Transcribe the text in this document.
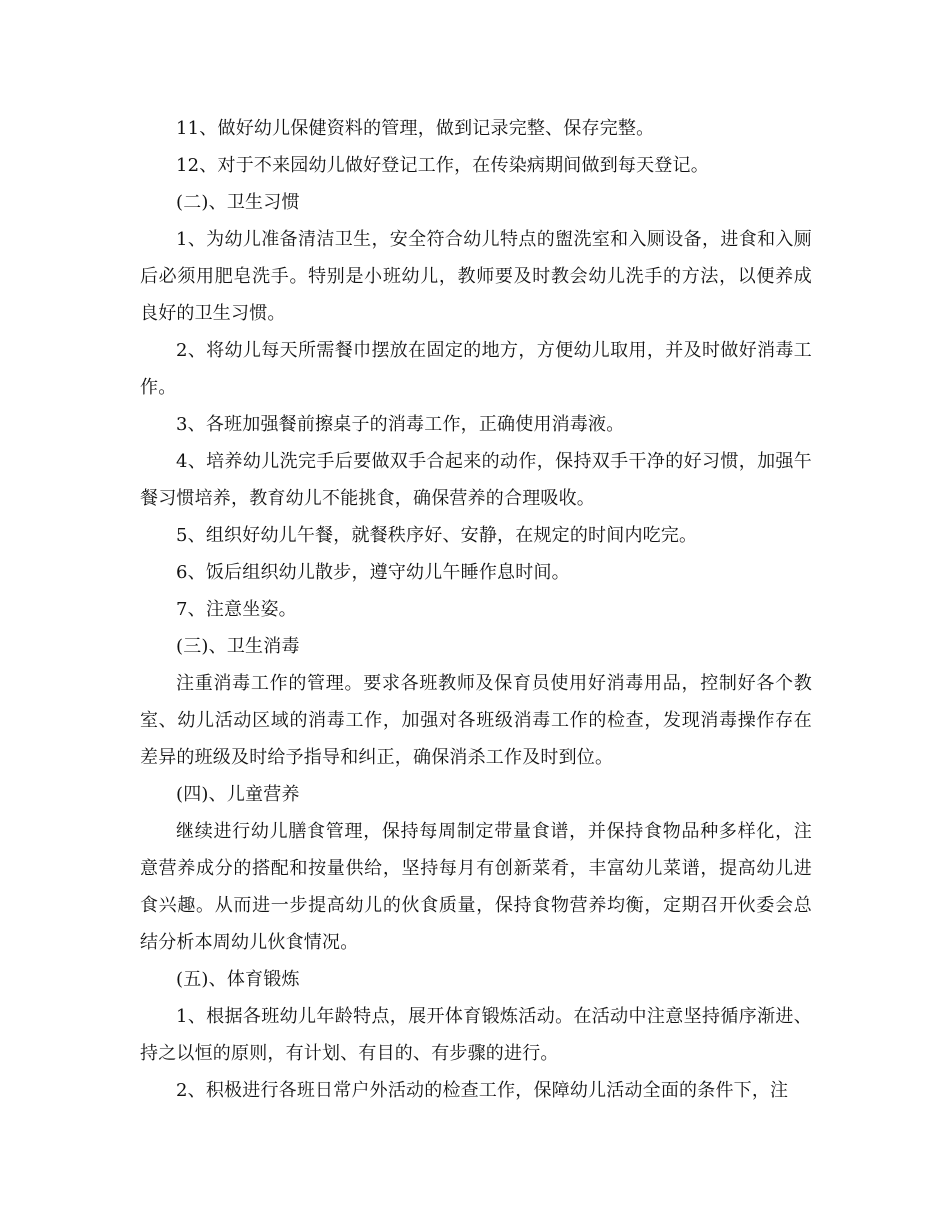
11、做好幼儿保健资料的管理，做到记录完整、保存完整。

12、对于不来园幼儿做好登记工作，在传染病期间做到每天登记。

(二)、卫生习惯

1、为幼儿准备清洁卫生，安全符合幼儿特点的盥洗室和入厕设备，进食和入厕后必须用肥皂洗手。特别是小班幼儿，教师要及时教会幼儿洗手的方法，以便养成良好的卫生习惯。

2、将幼儿每天所需餐巾摆放在固定的地方，方便幼儿取用，并及时做好消毒工作。

3、各班加强餐前擦桌子的消毒工作，正确使用消毒液。

4、培养幼儿洗完手后要做双手合起来的动作，保持双手干净的好习惯，加强午餐习惯培养，教育幼儿不能挑食，确保营养的合理吸收。

5、组织好幼儿午餐，就餐秩序好、安静，在规定的时间内吃完。

6、饭后组织幼儿散步，遵守幼儿午睡作息时间。

7、注意坐姿。

(三)、卫生消毒

注重消毒工作的管理。要求各班教师及保育员使用好消毒用品，控制好各个教室、幼儿活动区域的消毒工作，加强对各班级消毒工作的检查，发现消毒操作存在差异的班级及时给予指导和纠正，确保消杀工作及时到位。

(四)、儿童营养

继续进行幼儿膳食管理，保持每周制定带量食谱，并保持食物品种多样化，注意营养成分的搭配和按量供给，坚持每月有创新菜肴，丰富幼儿菜谱，提高幼儿进食兴趣。从而进一步提高幼儿的伙食质量，保持食物营养均衡，定期召开伙委会总结分析本周幼儿伙食情况。

(五)、体育锻炼

1、根据各班幼儿年龄特点，展开体育锻炼活动。在活动中注意坚持循序渐进、持之以恒的原则，有计划、有目的、有步骤的进行。

2、积极进行各班日常户外活动的检查工作，保障幼儿活动全面的条件下，注
